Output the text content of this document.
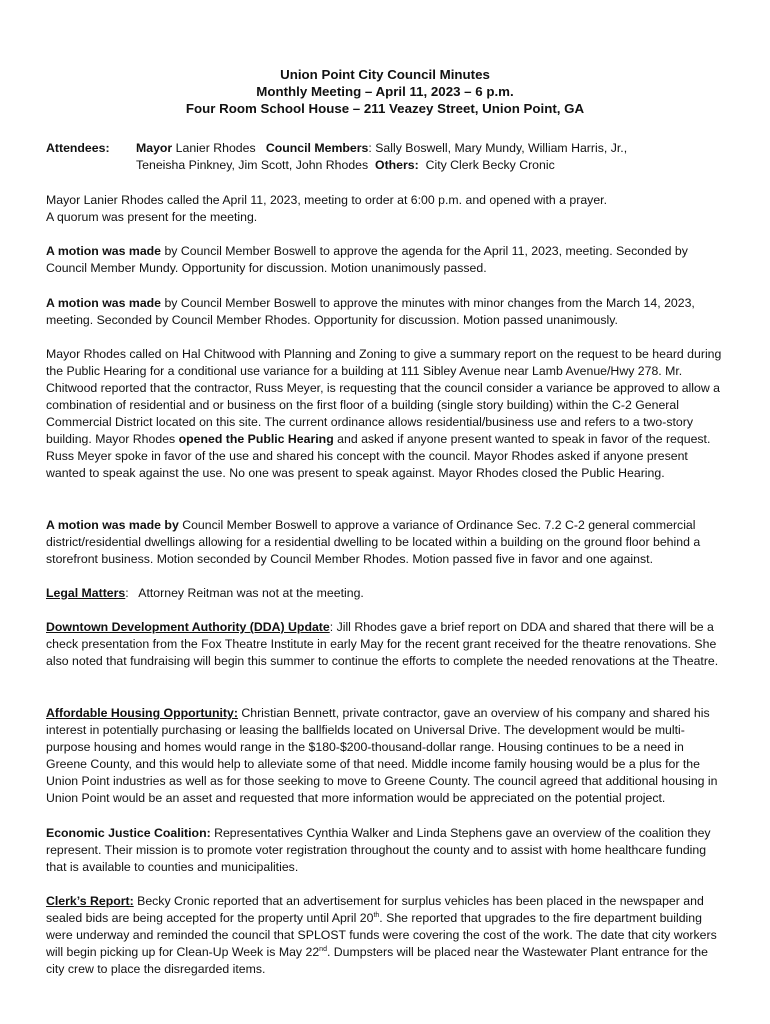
Union Point City Council Minutes
Monthly Meeting – April 11, 2023 – 6 p.m.
Four Room School House – 211 Veazey Street, Union Point, GA
Attendees: Mayor Lanier Rhodes   Council Members: Sally Boswell, Mary Mundy, William Harris, Jr.,
Teneisha Pinkney, Jim Scott, John Rhodes  Others:  City Clerk Becky Cronic

Mayor Lanier Rhodes called the April 11, 2023, meeting to order at 6:00 p.m. and opened with a prayer.
A quorum was present for the meeting.

A motion was made by Council Member Boswell to approve the agenda for the April 11, 2023, meeting. Seconded by Council Member Mundy. Opportunity for discussion. Motion unanimously passed.

A motion was made by Council Member Boswell to approve the minutes with minor changes from the March 14, 2023, meeting. Seconded by Council Member Rhodes. Opportunity for discussion. Motion passed unanimously.

Mayor Rhodes called on Hal Chitwood with Planning and Zoning to give a summary report on the request to be heard during the Public Hearing for a conditional use variance for a building at 111 Sibley Avenue near Lamb Avenue/Hwy 278. Mr. Chitwood reported that the contractor, Russ Meyer, is requesting that the council consider a variance be approved to allow a combination of residential and or business on the first floor of a building (single story building) within the C-2 General Commercial District located on this site. The current ordinance allows residential/business use and refers to a two-story building. Mayor Rhodes opened the Public Hearing and asked if anyone present wanted to speak in favor of the request. Russ Meyer spoke in favor of the use and shared his concept with the council. Mayor Rhodes asked if anyone present wanted to speak against the use. No one was present to speak against. Mayor Rhodes closed the Public Hearing.

A motion was made by Council Member Boswell to approve a variance of Ordinance Sec. 7.2 C-2 general commercial district/residential dwellings allowing for a residential dwelling to be located within a building on the ground floor behind a storefront business. Motion seconded by Council Member Rhodes. Motion passed five in favor and one against.

Legal Matters:   Attorney Reitman was not at the meeting.

Downtown Development Authority (DDA) Update: Jill Rhodes gave a brief report on DDA and shared that there will be a check presentation from the Fox Theatre Institute in early May for the recent grant received for the theatre renovations. She also noted that fundraising will begin this summer to continue the efforts to complete the needed renovations at the Theatre.

Affordable Housing Opportunity: Christian Bennett, private contractor, gave an overview of his company and shared his interest in potentially purchasing or leasing the ballfields located on Universal Drive. The development would be multi-purpose housing and homes would range in the $180-$200-thousand-dollar range. Housing continues to be a need in Greene County, and this would help to alleviate some of that need. Middle income family housing would be a plus for the Union Point industries as well as for those seeking to move to Greene County. The council agreed that additional housing in Union Point would be an asset and requested that more information would be appreciated on the potential project.

Economic Justice Coalition: Representatives Cynthia Walker and Linda Stephens gave an overview of the coalition they represent. Their mission is to promote voter registration throughout the county and to assist with home healthcare funding that is available to counties and municipalities.

Clerk’s Report: Becky Cronic reported that an advertisement for surplus vehicles has been placed in the newspaper and sealed bids are being accepted for the property until April 20th. She reported that upgrades to the fire department building were underway and reminded the council that SPLOST funds were covering the cost of the work. The date that city workers will begin picking up for Clean-Up Week is May 22nd. Dumpsters will be placed near the Wastewater Plant entrance for the city crew to place the disregarded items.
